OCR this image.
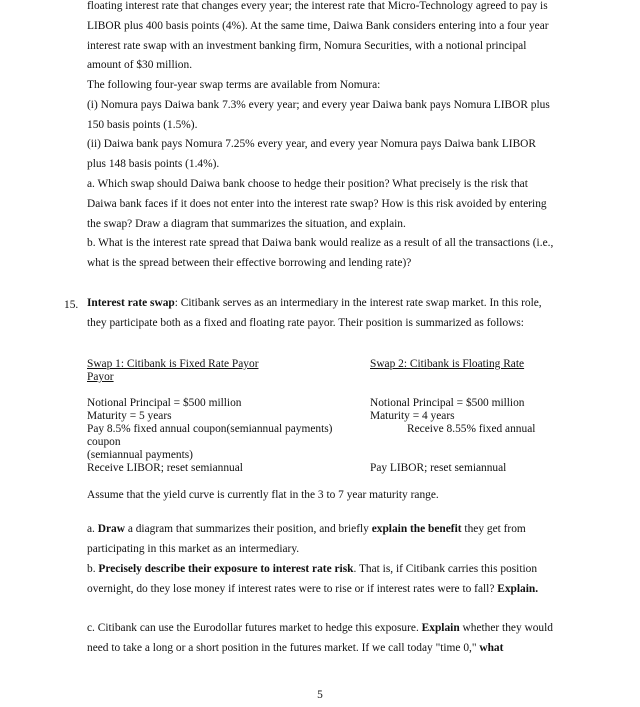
floating interest rate that changes every year; the interest rate that Micro-Technology agreed to pay is LIBOR plus 400 basis points (4%). At the same time, Daiwa Bank considers entering into a four year interest rate swap with an investment banking firm, Nomura Securities, with a notional principal amount of $30 million.

The following four-year swap terms are available from Nomura:

(i) Nomura pays Daiwa bank 7.3% every year; and every year Daiwa bank pays Nomura LIBOR plus 150 basis points (1.5%).

(ii) Daiwa bank pays Nomura 7.25% every year, and every year Nomura pays Daiwa bank LIBOR plus 148 basis points (1.4%).

a. Which swap should Daiwa bank choose to hedge their position? What precisely is the risk that Daiwa bank faces if it does not enter into the interest rate swap? How is this risk avoided by entering the swap? Draw a diagram that summarizes the situation, and explain.

b. What is the interest rate spread that Daiwa bank would realize as a result of all the transactions (i.e., what is the spread between their effective borrowing and lending rate)?

15. Interest rate swap: Citibank serves as an intermediary in the interest rate swap market. In this role, they participate both as a fixed and floating rate payor. Their position is summarized as follows:

Swap 1: Citibank is Fixed Rate Payor	Swap 2: Citibank is Floating Rate
Payor
Notional Principal = $500 million	Notional Principal = $500 million
Maturity = 5 years	Maturity = 4 years
Pay 8.5% fixed annual coupon(semiannual payments)	Receive 8.55% fixed annual
coupon
(semiannual payments)
Receive LIBOR; reset semiannual	Pay LIBOR; reset semiannual

Assume that the yield curve is currently flat in the 3 to 7 year maturity range.

a. Draw a diagram that summarizes their position, and briefly explain the benefit they get from participating in this market as an intermediary.

b. Precisely describe their exposure to interest rate risk. That is, if Citibank carries this position overnight, do they lose money if interest rates were to rise or if interest rates were to fall? Explain.

c. Citibank can use the Eurodollar futures market to hedge this exposure. Explain whether they would need to take a long or a short position in the futures market. If we call today "time 0," what

5
